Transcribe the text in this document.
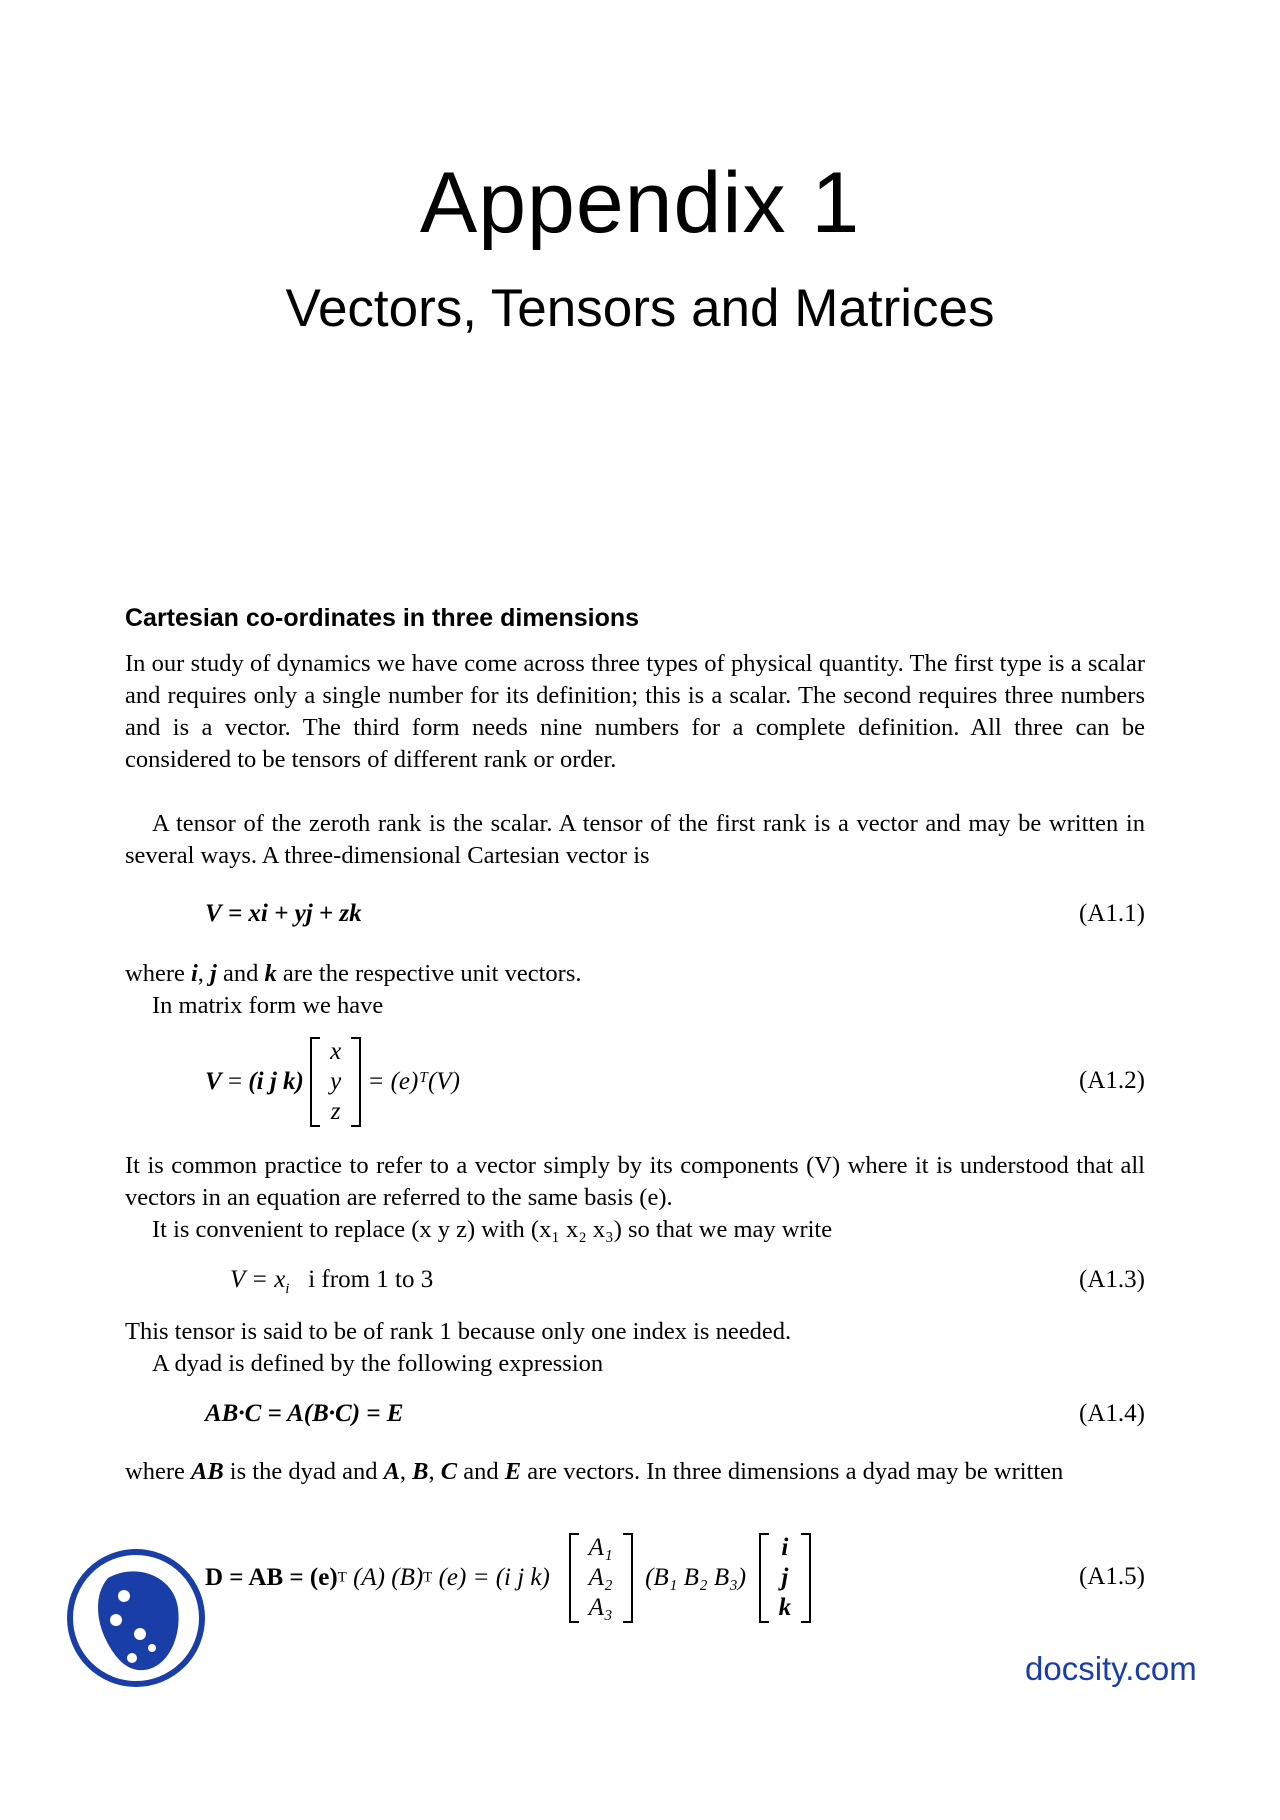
Appendix 1
Vectors, Tensors and Matrices
Cartesian co-ordinates in three dimensions
In our study of dynamics we have come across three types of physical quantity. The first type is a scalar and requires only a single number for its definition; this is a scalar. The second requires three numbers and is a vector. The third form needs nine numbers for a complete definition. All three can be considered to be tensors of different rank or order.
A tensor of the zeroth rank is the scalar. A tensor of the first rank is a vector and may be written in several ways. A three-dimensional Cartesian vector is
V = xi + yj + zk	(A1.1)
where i, j and k are the respective unit vectors.
In matrix form we have
V = (i j k) x
y
z = (e)ᵀ(V)	(A1.2)
It is common practice to refer to a vector simply by its components (V) where it is understood that all vectors in an equation are referred to the same basis (e).
It is convenient to replace (x y z) with (x₁ x₂ x₃) so that we may write
$V = x_i$ i from 1 to 3	(A1.3)
This tensor is said to be of rank 1 because only one index is needed.
A dyad is defined by the following expression
AB·C = A(B·C) = E	(A1.4)
where AB is the dyad and A, B, C and E are vectors. In three dimensions a dyad may be written
D = AB = (e)T (A) (B)T (e) = (i j k)   A₁
A₂
A₃  (B₁ B₂ B₃)  i
j
k
(A1.5)
docsity.com
